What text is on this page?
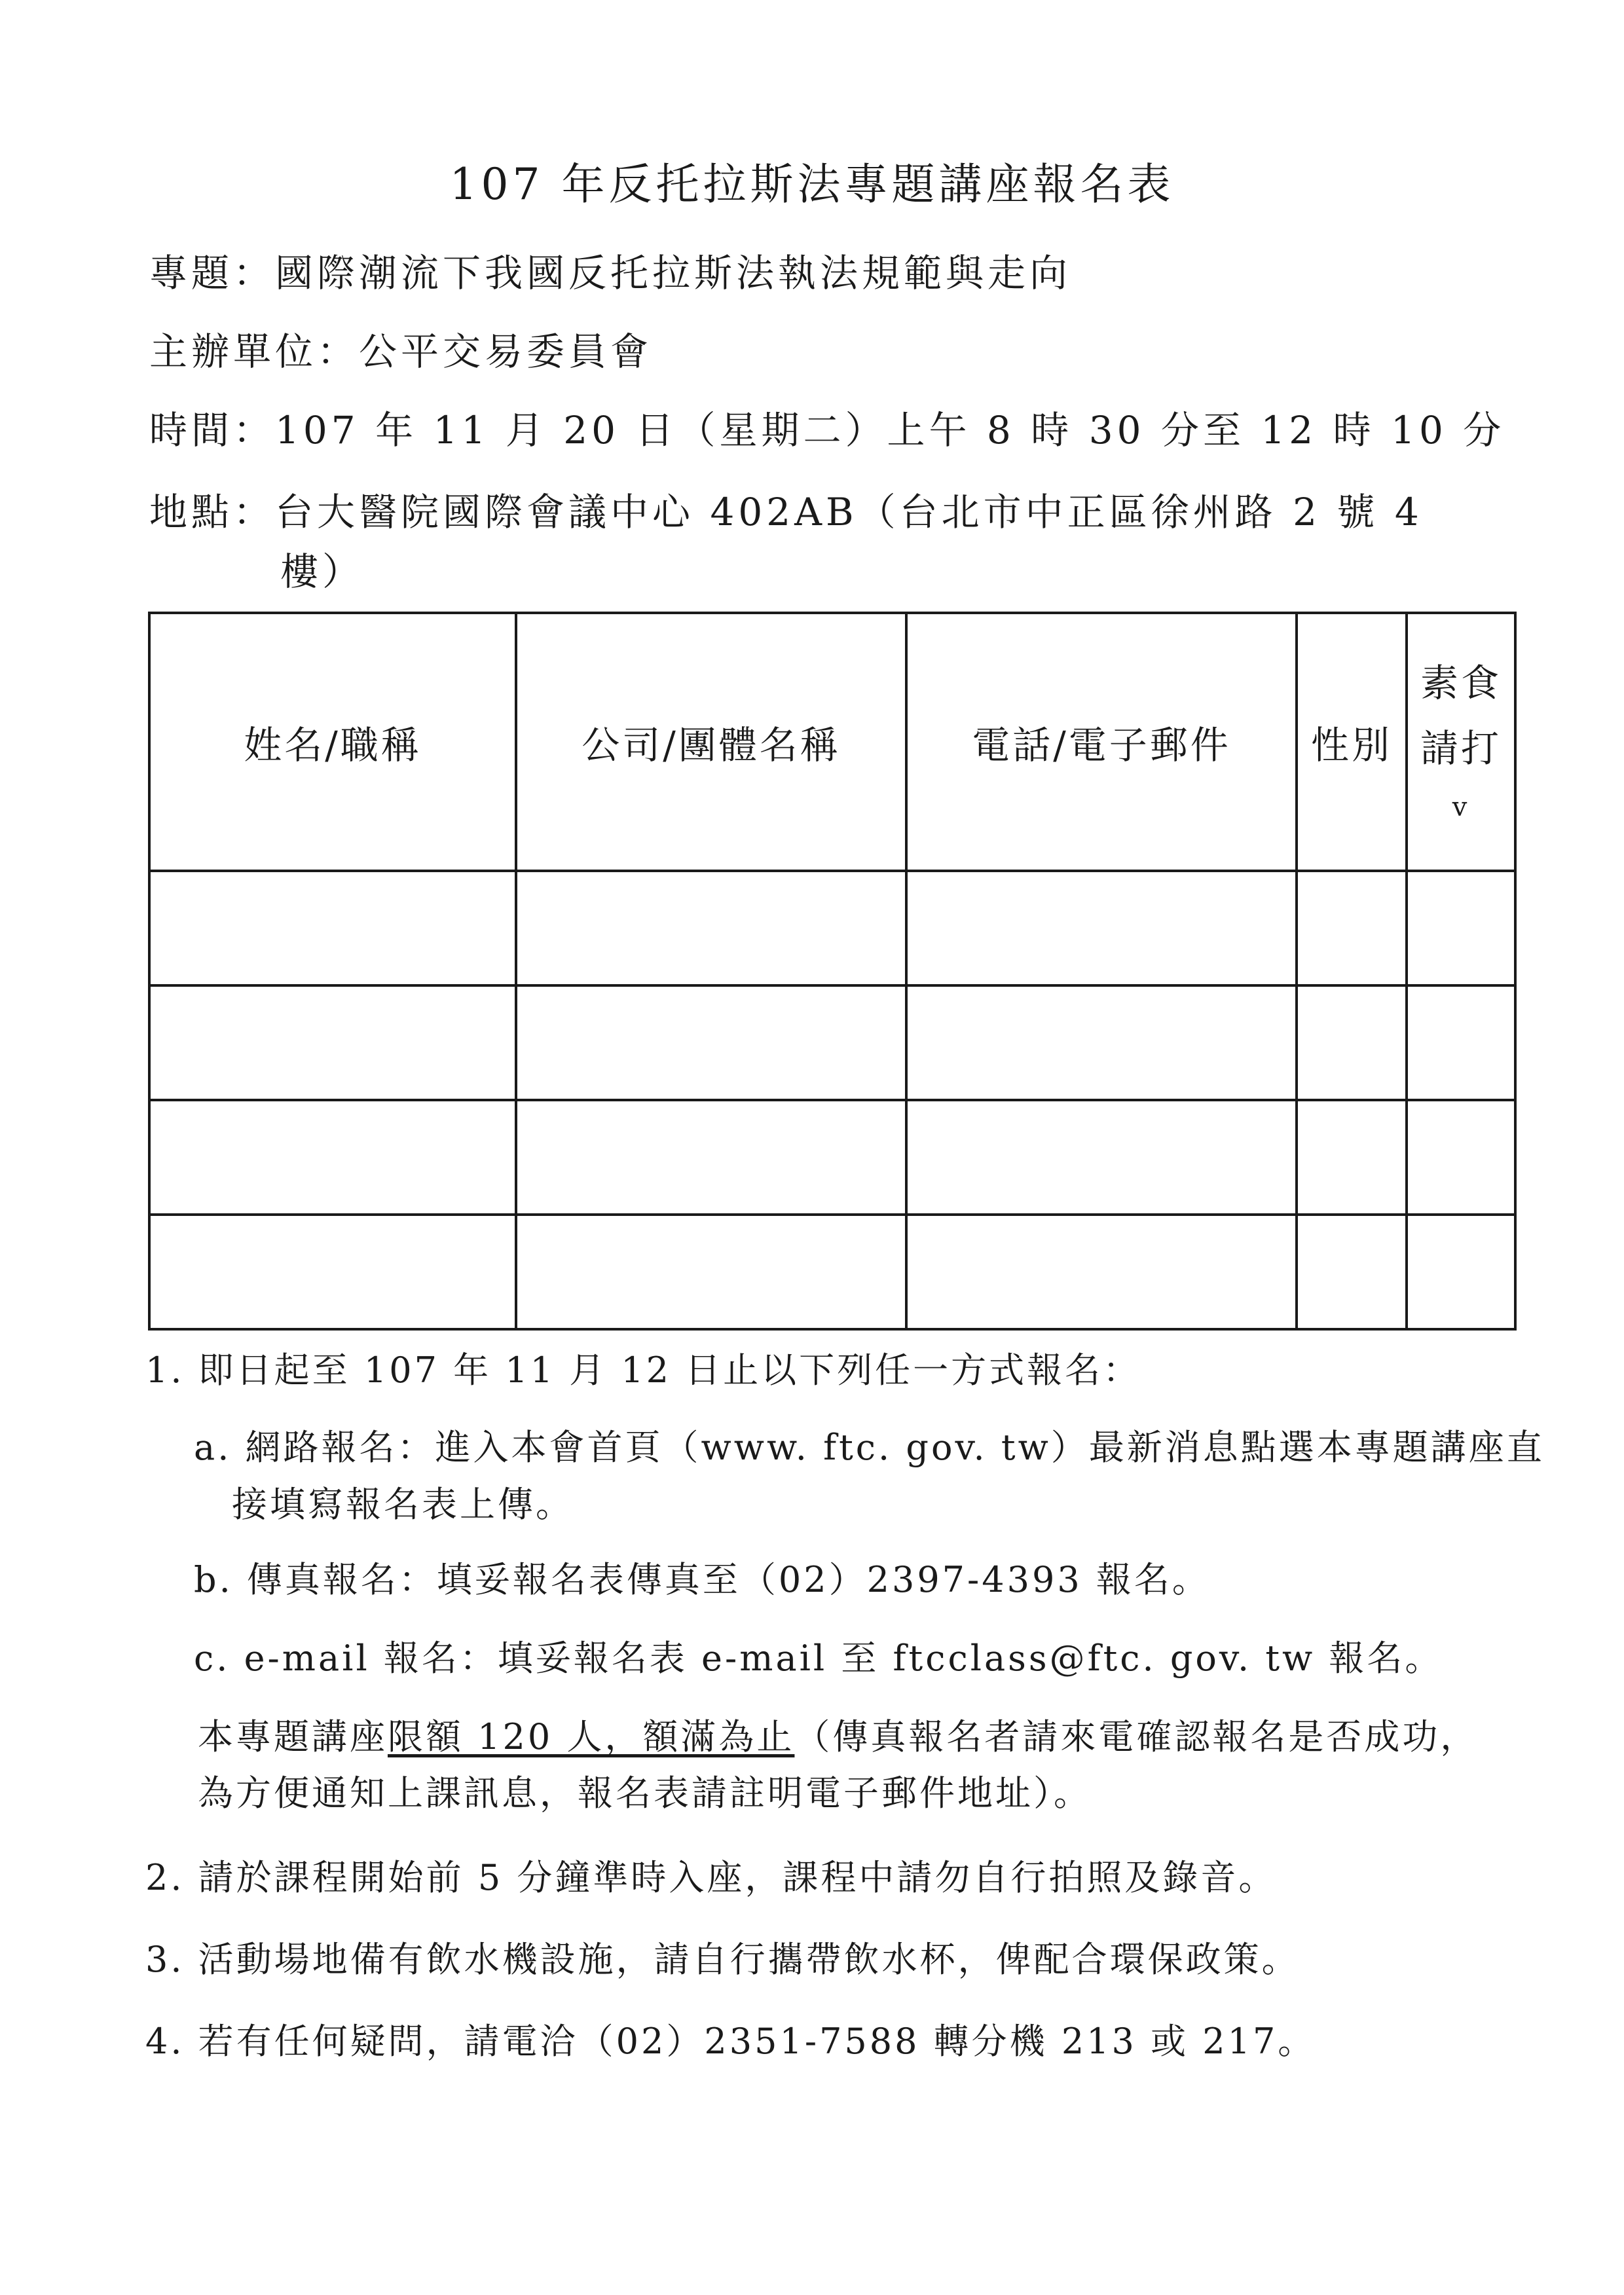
107 年反托拉斯法專題講座報名表
專題：國際潮流下我國反托拉斯法執法規範與走向
主辦單位：公平交易委員會
時間：107 年 11 月 20 日（星期二）上午 8 時 30 分至 12 時 10 分
地點：台大醫院國際會議中心 402AB（台北市中正區徐州路 2 號 4
樓）
姓名/職稱	公司/團體名稱	電話/電子郵件	性別	素食
請打
v

1. 即日起至 107 年 11 月 12 日止以下列任一方式報名：
a. 網路報名：進入本會首頁（www. ftc. gov. tw）最新消息點選本專題講座直
接填寫報名表上傳。
b. 傳真報名：填妥報名表傳真至（02）2397-4393 報名。
c. e-mail 報名：填妥報名表 e-mail 至 ftcclass@ftc. gov. tw 報名。
本專題講座限額 120 人，額滿為止（傳真報名者請來電確認報名是否成功，
為方便通知上課訊息，報名表請註明電子郵件地址）。
2. 請於課程開始前 5 分鐘準時入座，課程中請勿自行拍照及錄音。
3. 活動場地備有飲水機設施，請自行攜帶飲水杯，俾配合環保政策。
4. 若有任何疑問，請電洽（02）2351-7588 轉分機 213 或 217。
